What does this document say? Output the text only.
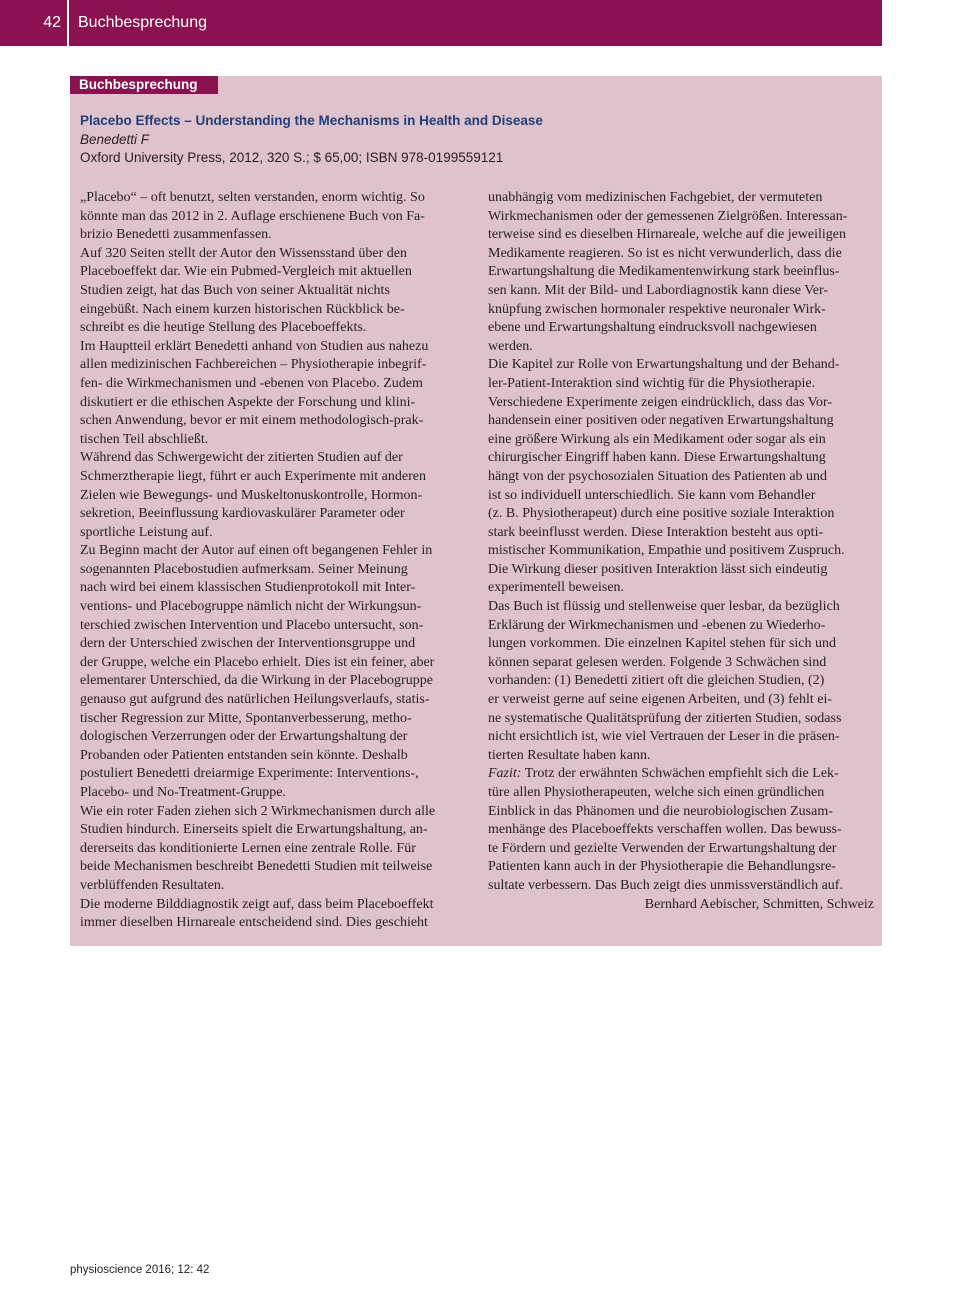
42	Buchbesprechung
Buchbesprechung
Placebo Effects – Understanding the Mechanisms in Health and Disease
Benedetti F
Oxford University Press, 2012, 320 S.; $ 65,00; ISBN 978-0199559121

„Placebo“ – oft benutzt, selten verstanden, enorm wichtig. So

könnte man das 2012 in 2. Auflage erschienene Buch von Fa-

brizio Benedetti zusammenfassen.

Auf 320 Seiten stellt der Autor den Wissensstand über den

Placeboeffekt dar. Wie ein Pubmed-Vergleich mit aktuellen

Studien zeigt, hat das Buch von seiner Aktualität nichts

eingebüßt. Nach einem kurzen historischen Rückblick be-

schreibt es die heutige Stellung des Placeboeffekts.

Im Hauptteil erklärt Benedetti anhand von Studien aus nahezu

allen medizinischen Fachbereichen – Physiotherapie inbegrif-

fen- die Wirkmechanismen und -ebenen von Placebo. Zudem

diskutiert er die ethischen Aspekte der Forschung und klini-

schen Anwendung, bevor er mit einem methodologisch-prak-

tischen Teil abschließt.

Während das Schwergewicht der zitierten Studien auf der

Schmerztherapie liegt, führt er auch Experimente mit anderen

Zielen wie Bewegungs- und Muskeltonuskontrolle, Hormon-

sekretion, Beeinflussung kardiovaskulärer Parameter oder

sportliche Leistung auf.

Zu Beginn macht der Autor auf einen oft begangenen Fehler in

sogenannten Placebostudien aufmerksam. Seiner Meinung

nach wird bei einem klassischen Studienprotokoll mit Inter-

ventions- und Placebogruppe nämlich nicht der Wirkungsun-

terschied zwischen Intervention und Placebo untersucht, son-

dern der Unterschied zwischen der Interventionsgruppe und

der Gruppe, welche ein Placebo erhielt. Dies ist ein feiner, aber

elementarer Unterschied, da die Wirkung in der Placebogruppe

genauso gut aufgrund des natürlichen Heilungsverlaufs, statis-

tischer Regression zur Mitte, Spontanverbesserung, metho-

dologischen Verzerrungen oder der Erwartungshaltung der

Probanden oder Patienten entstanden sein könnte. Deshalb

postuliert Benedetti dreiarmige Experimente: Interventions-,

Placebo- und No-Treatment-Gruppe.

Wie ein roter Faden ziehen sich 2 Wirkmechanismen durch alle

Studien hindurch. Einerseits spielt die Erwartungshaltung, an-

dererseits das konditionierte Lernen eine zentrale Rolle. Für

beide Mechanismen beschreibt Benedetti Studien mit teilweise

verblüffenden Resultaten.

Die moderne Bilddiagnostik zeigt auf, dass beim Placeboeffekt

immer dieselben Hirnareale entscheidend sind. Dies geschieht

unabhängig vom medizinischen Fachgebiet, der vermuteten

Wirkmechanismen oder der gemessenen Zielgrößen. Interessan-

terweise sind es dieselben Hirnareale, welche auf die jeweiligen

Medikamente reagieren. So ist es nicht verwunderlich, dass die

Erwartungshaltung die Medikamentenwirkung stark beeinflus-

sen kann. Mit der Bild- und Labordiagnostik kann diese Ver-

knüpfung zwischen hormonaler respektive neuronaler Wirk-

ebene und Erwartungshaltung eindrucksvoll nachgewiesen

werden.

Die Kapitel zur Rolle von Erwartungshaltung und der Behand-

ler-Patient-Interaktion sind wichtig für die Physiotherapie.

Verschiedene Experimente zeigen eindrücklich, dass das Vor-

handensein einer positiven oder negativen Erwartungshaltung

eine größere Wirkung als ein Medikament oder sogar als ein

chirurgischer Eingriff haben kann. Diese Erwartungshaltung

hängt von der psychosozialen Situation des Patienten ab und

ist so individuell unterschiedlich. Sie kann vom Behandler

(z. B. Physiotherapeut) durch eine positive soziale Interaktion

stark beeinflusst werden. Diese Interaktion besteht aus opti-

mistischer Kommunikation, Empathie und positivem Zuspruch.

Die Wirkung dieser positiven Interaktion lässt sich eindeutig

experimentell beweisen.

Das Buch ist flüssig und stellenweise quer lesbar, da bezüglich

Erklärung der Wirkmechanismen und -ebenen zu Wiederho-

lungen vorkommen. Die einzelnen Kapitel stehen für sich und

können separat gelesen werden. Folgende 3 Schwächen sind

vorhanden: (1) Benedetti zitiert oft die gleichen Studien, (2)

er verweist gerne auf seine eigenen Arbeiten, und (3) fehlt ei-

ne systematische Qualitätsprüfung der zitierten Studien, sodass

nicht ersichtlich ist, wie viel Vertrauen der Leser in die präsen-

tierten Resultate haben kann.

Fazit: Trotz der erwähnten Schwächen empfiehlt sich die Lek-

türe allen Physiotherapeuten, welche sich einen gründlichen

Einblick in das Phänomen und die neurobiologischen Zusam-

menhänge des Placeboeffekts verschaffen wollen. Das bewuss-

te Fördern und gezielte Verwenden der Erwartungshaltung der

Patienten kann auch in der Physiotherapie die Behandlungsre-

sultate verbessern. Das Buch zeigt dies unmissverständlich auf.

Bernhard Aebischer, Schmitten, Schweiz

physioscience 2016; 12: 42
